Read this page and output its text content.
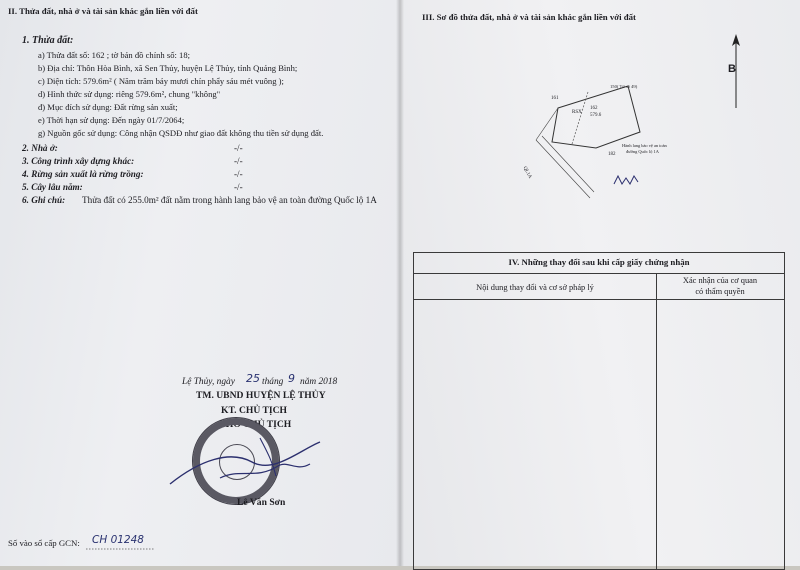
II. Thửa đất, nhà ở và tài sản khác gắn liền với đất
1. Thửa đất:
a) Thửa đất số: 162 ; tờ bản đồ chính số: 18;
b) Địa chỉ: Thôn Hòa Bình, xã Sen Thủy, huyện Lệ Thủy, tỉnh Quảng Bình;
c) Diện tích: 579.6m² ( Năm trăm bảy mươi chín phẩy sáu mét vuông );
d) Hình thức sử dụng: riêng 579.6m², chung "không"
đ) Mục đích sử dụng: Đất rừng sản xuất;
e) Thời hạn sử dụng: Đến ngày 01/7/2064;
g) Nguồn gốc sử dụng: Công nhận QSDĐ như giao đất không thu tiền sử dụng đất.
2. Nhà ở:	-/-
3. Công trình xây dựng khác:	-/-
4. Rừng sản xuất là rừng trồng:	-/-
5. Cây lâu năm:	-/-
6. Ghi chú: Thửa đất có 255.0m² đất nằm trong hành lang bảo vệ an toàn đường Quốc lộ 1A
Lệ Thủy, ngày 25 tháng 9 năm 2018
TM. UBND HUYỆN LỆ THỦY
KT. CHỦ TỊCH
PHÓ CHỦ TỊCH
Lê Văn Sơn
Số vào sổ cấp GCN: CH 01248
III. Sơ đồ thửa đất, nhà ở và tài sản khác gắn liền với đất
B
162
579.6
RSX
QL1A
182
150( Tờ số 49)
161
Hành lang bảo vệ an toàn
đường Quốc lộ 1A
IV. Những thay đổi sau khi cấp giấy chứng nhận
Nội dung thay đổi và cơ sở pháp lý
Xác nhận của cơ quan
có thẩm quyền
